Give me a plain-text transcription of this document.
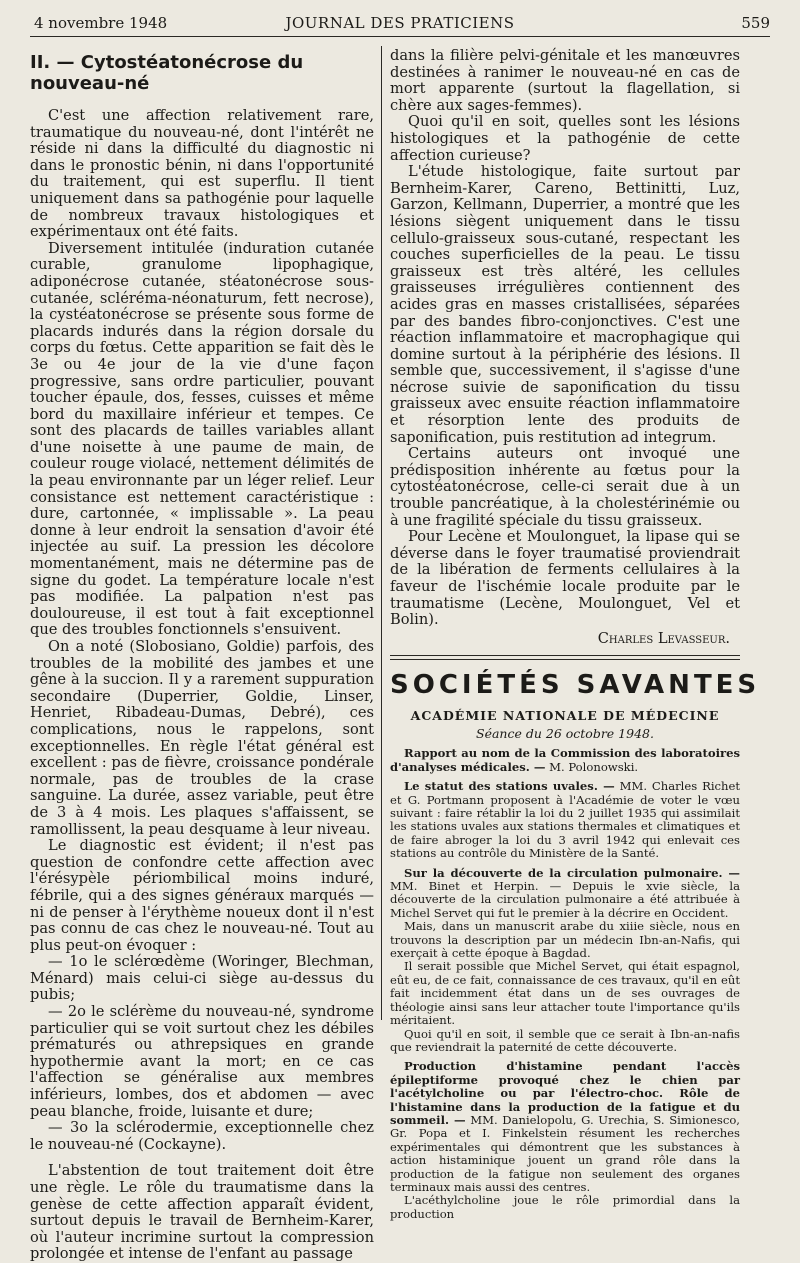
4 novembre 1948	JOURNAL DES PRATICIENS	559
II. — Cytostéatonécrose du nouveau-né

C'est une affection relativement rare, traumatique du nouveau-né, dont l'intérêt ne réside ni dans la difficulté du diagnostic ni dans le pronostic bénin, ni dans l'opportunité du traitement, qui est superflu. Il tient uniquement dans sa pathogénie pour laquelle de nombreux travaux histologiques et expérimentaux ont été faits.

Diversement intitulée (induration cutanée curable, granulome lipophagique, adiponécrose cutanée, stéatonécrose sous-cutanée, scléréma-néonaturum, fett necrose), la cystéatonécrose se présente sous forme de placards indurés dans la région dorsale du corps du fœtus. Cette apparition se fait dès le 3e ou 4e jour de la vie d'une façon progressive, sans ordre particulier, pouvant toucher épaule, dos, fesses, cuisses et même bord du maxillaire inférieur et tempes. Ce sont des placards de tailles variables allant d'une noisette à une paume de main, de couleur rouge violacé, nettement délimités de la peau environnante par un léger relief. Leur consistance est nettement caractéristique : dure, cartonnée, « implissable ». La peau donne à leur endroit la sensation d'avoir été injectée au suif. La pression les décolore momentanément, mais ne détermine pas de signe du godet. La température locale n'est pas modifiée. La palpation n'est pas douloureuse, il est tout à fait exceptionnel que des troubles fonctionnels s'ensuivent.

On a noté (Slobosiano, Goldie) parfois, des troubles de la mobilité des jambes et une gêne à la succion. Il y a rarement suppuration secondaire (Duperrier, Goldie, Linser, Henriet, Ribadeau-Dumas, Debré), ces complications, nous le rappelons, sont exceptionnelles. En règle l'état général est excellent : pas de fièvre, croissance pondérale normale, pas de troubles de la crase sanguine. La durée, assez variable, peut être de 3 à 4 mois. Les plaques s'affaissent, se ramollissent, la peau desquame à leur niveau.

Le diagnostic est évident; il n'est pas question de confondre cette affection avec l'érésypèle périombilical moins induré, fébrile, qui a des signes généraux marqués — ni de penser à l'érythème noueux dont il n'est pas connu de cas chez le nouveau-né. Tout au plus peut-on évoquer :

— 1o le sclérœdème (Woringer, Blechman, Ménard) mais celui-ci siège au-dessus du pubis;

— 2o le sclérème du nouveau-né, syndrome particulier qui se voit surtout chez les débiles prématurés ou athrepsiques en grande hypothermie avant la mort; en ce cas l'affection se généralise aux membres inférieurs, lombes, dos et abdomen — avec peau blanche, froide, luisante et dure;

— 3o la sclérodermie, exceptionnelle chez le nouveau-né (Cockayne).

L'abstention de tout traitement doit être une règle. Le rôle du traumatisme dans la genèse de cette affection apparaît évident, surtout depuis le travail de Bernheim-Karer, où l'auteur incrimine surtout la compression prolongée et intense de l'enfant au passage

dans la filière pelvi-génitale et les manœuvres destinées à ranimer le nouveau-né en cas de mort apparente (surtout la flagellation, si chère aux sages-femmes).

Quoi qu'il en soit, quelles sont les lésions histologiques et la pathogénie de cette affection curieuse?

L'étude histologique, faite surtout par Bernheim-Karer, Careno, Bettinitti, Luz, Garzon, Kellmann, Duperrier, a montré que les lésions siègent uniquement dans le tissu cellulo-graisseux sous-cutané, respectant les couches superficielles de la peau. Le tissu graisseux est très altéré, les cellules graisseuses irrégulières contiennent des acides gras en masses cristallisées, séparées par des bandes fibro-conjonctives. C'est une réaction inflammatoire et macrophagique qui domine surtout à la périphérie des lésions. Il semble que, successivement, il s'agisse d'une nécrose suivie de saponification du tissu graisseux avec ensuite réaction inflammatoire et résorption lente des produits de saponification, puis restitution ad integrum.

Certains auteurs ont invoqué une prédisposition inhérente au fœtus pour la cytostéatonécrose, celle-ci serait due à un trouble pancréatique, à la cholestérinémie ou à une fragilité spéciale du tissu graisseux.

Pour Lecène et Moulonguet, la lipase qui se déverse dans le foyer traumatisé proviendrait de la libération de ferments cellulaires à la faveur de l'ischémie locale produite par le traumatisme (Lecène, Moulonguet, Vel et Bolin).

Charles Levasseur.
SOCIÉTÉS SAVANTES
ACADÉMIE NATIONALE DE MÉDECINE
Séance du 26 octobre 1948.

Rapport au nom de la Commission des laboratoires d'analyses médicales. — M. Polonowski.

Le statut des stations uvales. — MM. Charles Richet et G. Portmann proposent à l'Académie de voter le vœu suivant : faire rétablir la loi du 2 juillet 1935 qui assimilait les stations uvales aux stations thermales et climatiques et de faire abroger la loi du 3 avril 1942 qui enlevait ces stations au contrôle du Ministère de la Santé.

Sur la découverte de la circulation pulmonaire. — MM. Binet et Herpin. — Depuis le xvie siècle, la découverte de la circulation pulmonaire a été attribuée à Michel Servet qui fut le premier à la décrire en Occident.

Mais, dans un manuscrit arabe du xiiie siècle, nous en trouvons la description par un médecin Ibn-an-Nafis, qui exerçait à cette époque à Bagdad.

Il serait possible que Michel Servet, qui était espagnol, eût eu, de ce fait, connaissance de ces travaux, qu'il en eût fait incidemment état dans un de ses ouvrages de théologie ainsi sans leur attacher toute l'importance qu'ils méritaient.

Quoi qu'il en soit, il semble que ce serait à Ibn-an-nafis que reviendrait la paternité de cette découverte.

Production d'histamine pendant l'accès épileptiforme provoqué chez le chien par l'acétylcholine ou par l'électro-choc. Rôle de l'histamine dans la production de la fatigue et du sommeil. — MM. Danielopolu, G. Urechia, S. Simionesco, Gr. Popa et I. Finkelstein résument les recherches expérimentales qui démontrent que les substances à action histaminique jouent un grand rôle dans la production de la fatigue non seulement des organes terminaux mais aussi des centres.

L'acéthylcholine joue le rôle primordial dans la production
